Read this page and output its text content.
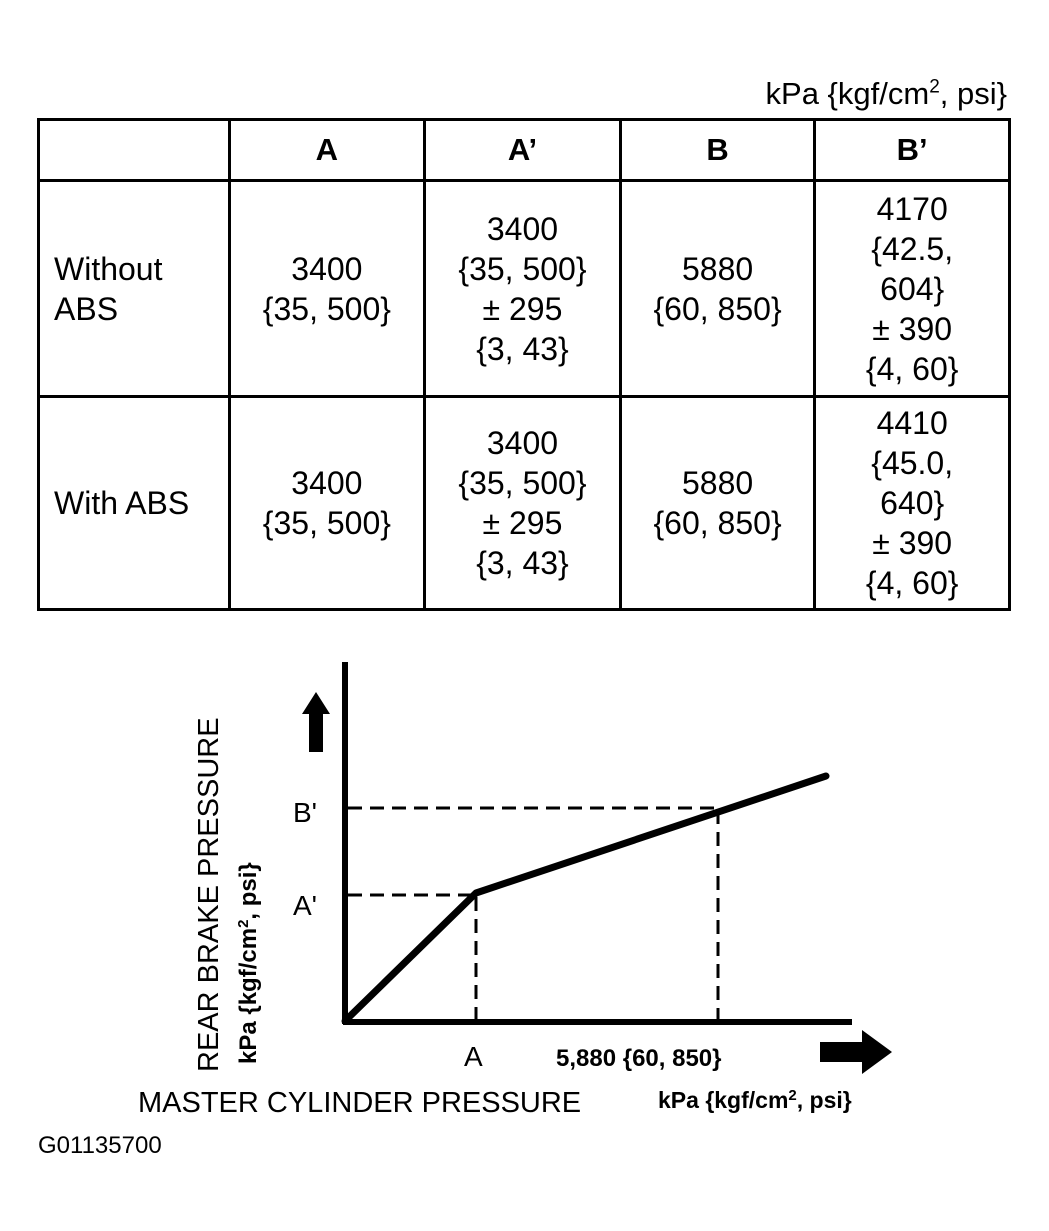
kPa {$kgf/cm^2$, psi}
	A	A’	B	B’

Without
ABS	3400
{35, 500}	3400
{35, 500}
± 295
{3, 43}	5880
{60, 850}	4170
{42.5,
604}
± 390
{4, 60}

With ABS	3400
{35, 500}	3400
{35, 500}
± 295
{3, 43}	5880
{60, 850}	4410
{45.0,
640}
± 390
{4, 60}
B'
A'
A	5,880 {60, 850}
REAR BRAKE PRESSURE kPa {$kgf/cm^2$, psi}
MASTER CYLINDER PRESSURE	kPa {$kgf/cm^2$, psi}
G01135700
